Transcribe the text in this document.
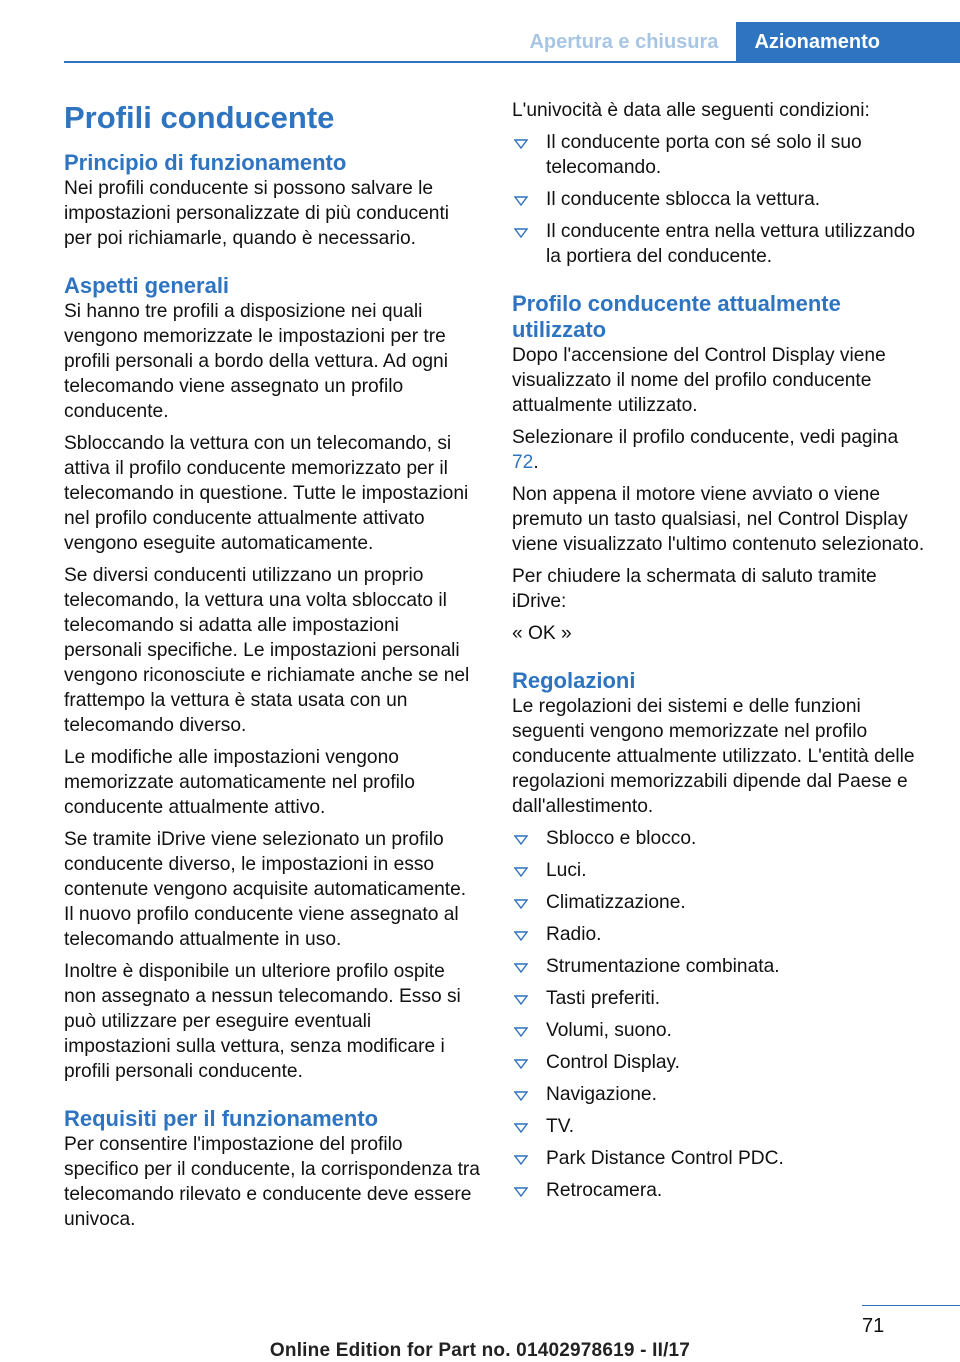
Apertura e chiusura	Azionamento
Profili conducente
Principio di funzionamento

Nei profili conducente si possono salvare le impostazioni personalizzate di più conducenti per poi richiamarle, quando è necessario.

Aspetti generali

Si hanno tre profili a disposizione nei quali vengono memorizzate le impostazioni per tre profili personali a bordo della vettura. Ad ogni telecomando viene assegnato un profilo conducente.

Sbloccando la vettura con un telecomando, si attiva il profilo conducente memorizzato per il telecomando in questione. Tutte le impostazioni nel profilo conducente attualmente attivato vengono eseguite automaticamente.

Se diversi conducenti utilizzano un proprio telecomando, la vettura una volta sbloccato il telecomando si adatta alle impostazioni personali specifiche. Le impostazioni personali vengono riconosciute e richiamate anche se nel frattempo la vettura è stata usata con un telecomando diverso.

Le modifiche alle impostazioni vengono memorizzate automaticamente nel profilo conducente attualmente attivo.

Se tramite iDrive viene selezionato un profilo conducente diverso, le impostazioni in esso contenute vengono acquisite automaticamente. Il nuovo profilo conducente viene assegnato al telecomando attualmente in uso.

Inoltre è disponibile un ulteriore profilo ospite non assegnato a nessun telecomando. Esso si può utilizzare per eseguire eventuali impostazioni sulla vettura, senza modificare i profili personali conducente.

Requisiti per il funzionamento

Per consentire l'impostazione del profilo specifico per il conducente, la corrispondenza tra telecomando rilevato e conducente deve essere univoca.

L'univocità è data alle seguenti condizioni:

Il conducente porta con sé solo il suo telecomando.
Il conducente sblocca la vettura.
Il conducente entra nella vettura utilizzando la portiera del conducente.
Profilo conducente attualmente utilizzato

Dopo l'accensione del Control Display viene visualizzato il nome del profilo conducente attualmente utilizzato.

Selezionare il profilo conducente, vedi pagina 72.

Non appena il motore viene avviato o viene premuto un tasto qualsiasi, nel Control Display viene visualizzato l'ultimo contenuto selezionato.

Per chiudere la schermata di saluto tramite iDrive:

« OK »

Regolazioni

Le regolazioni dei sistemi e delle funzioni seguenti vengono memorizzate nel profilo conducente attualmente utilizzato. L'entità delle regolazioni memorizzabili dipende dal Paese e dall'allestimento.

Sblocco e blocco.
Luci.
Climatizzazione.
Radio.
Strumentazione combinata.
Tasti preferiti.
Volumi, suono.
Control Display.
Navigazione.
TV.
Park Distance Control PDC.
Retrocamera.
71
Online Edition for Part no. 01402978619 - II/17
